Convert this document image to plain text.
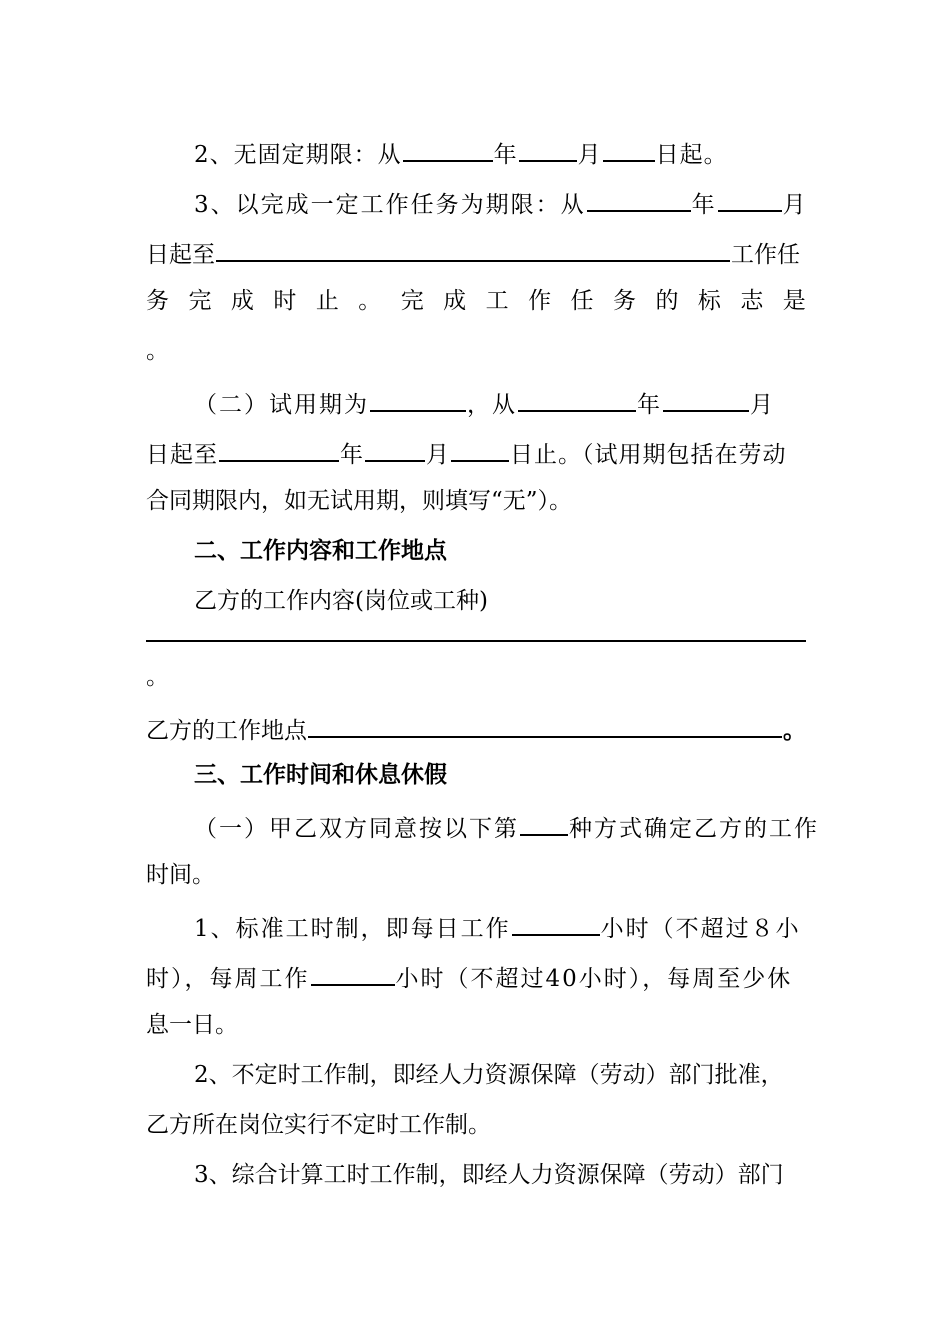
2、无固定期限：从	年	月 日起。
3、以完成一定工作任务为期限：从	年	月
日起至	工作任
务 完 成 时 止 。 完 成 工 作 任 务 的 标 志 是
。
（二）试用期为	，从	年	月
日起至	年	月	日止。（试用期包括在劳动
合同期限内，如无试用期，则填写“无”）。
二、工作内容和工作地点
乙方的工作内容(岗位或工种)
。
乙方的工作地点	。
三、工作时间和休息休假
（一）甲乙双方同意按以下第 种方式确定乙方的工作
时间。
1、标准工时制，即每日工作	小时（不超过８小
时），每周工作	小时（不超过40小时），每周至少休
息一日。
2、不定时工作制，即经人力资源保障（劳动）部门批准，
乙方所在岗位实行不定时工作制。
3、综合计算工时工作制，即经人力资源保障（劳动）部门
